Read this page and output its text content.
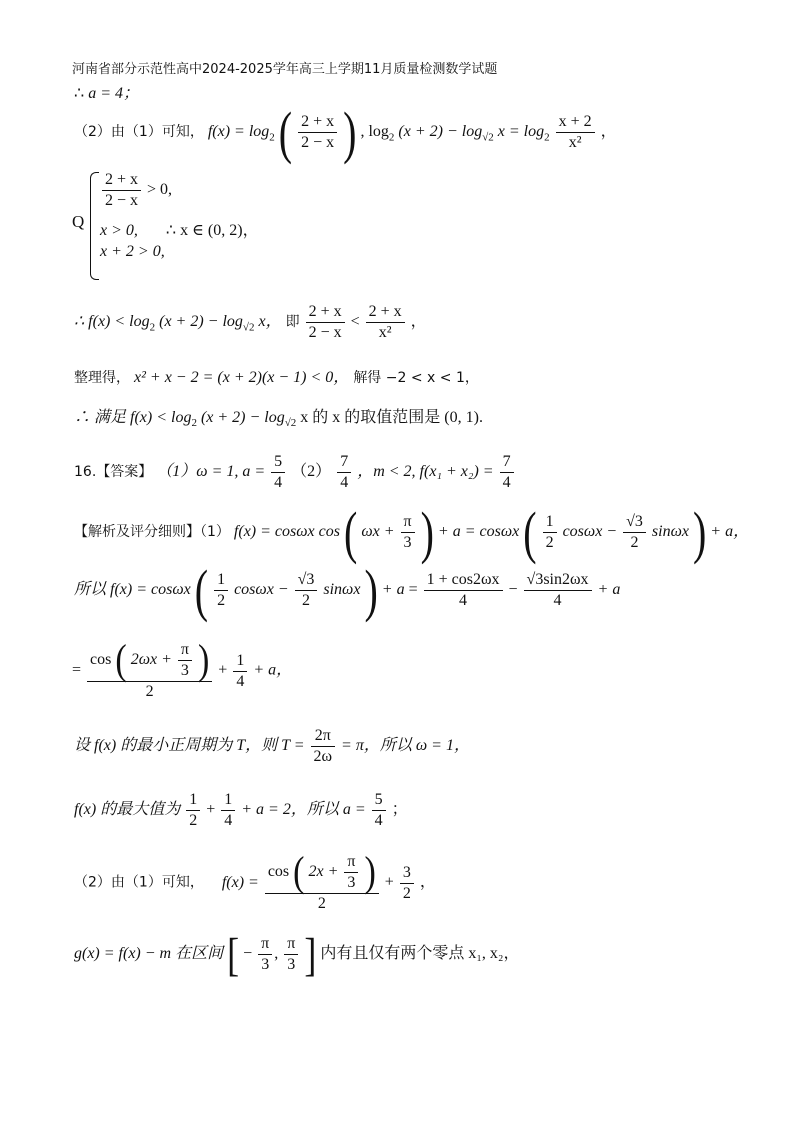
河南省部分示范性高中2024-2025学年高三上学期11月质量检测数学试题
∴ a = 4；
（2）由（1）可知， $f(x) = \log_2$ ( $\frac{2 + x}{2 - x}$ ) , $\log_2 (x + 2) - \log_{√2} x = \log_2 \frac{x + 2}{\text{x²}}$ ，
Q
$\frac{2 + x}{2 - x} > 0$,
x > 0, ∴ x ∈ (0, 2)，
x + 2 > 0,
∴ $f(x) < \log_2 (x + 2) - \log_{√2} x$， 即 $\frac{2 + x}{2 - x} < \frac{2 + x}{\text{x²}}$ ，
整理得， x² + x − 2 = (x + 2)(x − 1) < 0， 解得 −2 < x < 1，
∴ 满足 $f(x) < \log_2 (x + 2) - \log_{√2} x$ 的 x 的取值范围是 (0, 1).
16.【答案】 （1）ω = 1, $a = \frac{5}{4} (2) \frac{7}{4}$ ，m < 2, $f(x_1 + x_2) = \frac{7}{4}$
【解析及评分细则】（1） f(x) = cosωx cos ( $\omega x + \frac{\pi}{3}$ ) + a = cosωx ( $\frac{1}{2}$ $\cos\omega x - \frac{√3}{2}$ sinωx ) + a，
所以 f(x) = cosωx ( $\frac{1}{2}$ $\cos\omega x - \frac{√3}{2}$ sinωx ) + $a = \frac{1 + \cos 2\omega x}{4} - \frac{√3\sin 2\omega x}{4} + a$
=
cos ( $2\omega x + \frac{\pi}{3}$ )
2
+ $\frac{1}{4} + a$，
设 f(x) 的最小正周期为 T，则 $T = \frac{2\pi}{2\omega} = \pi$，所以 ω = 1，
f(x) 的最大值为 $\frac{1}{2} + \frac{1}{4} + a = 2$，所以 $a = \frac{5}{4}$ ；
（2）由（1）可知， f(x) =
cos ( $2x + \frac{\pi}{3}$ )
2
+ $\frac{3}{2}$ ，
g(x) = f(x) − m 在区间 [ − $\frac{\pi}{3}$ , $\frac{\pi}{3}$ ] 内有且仅有两个零点 x₁, x₂，
